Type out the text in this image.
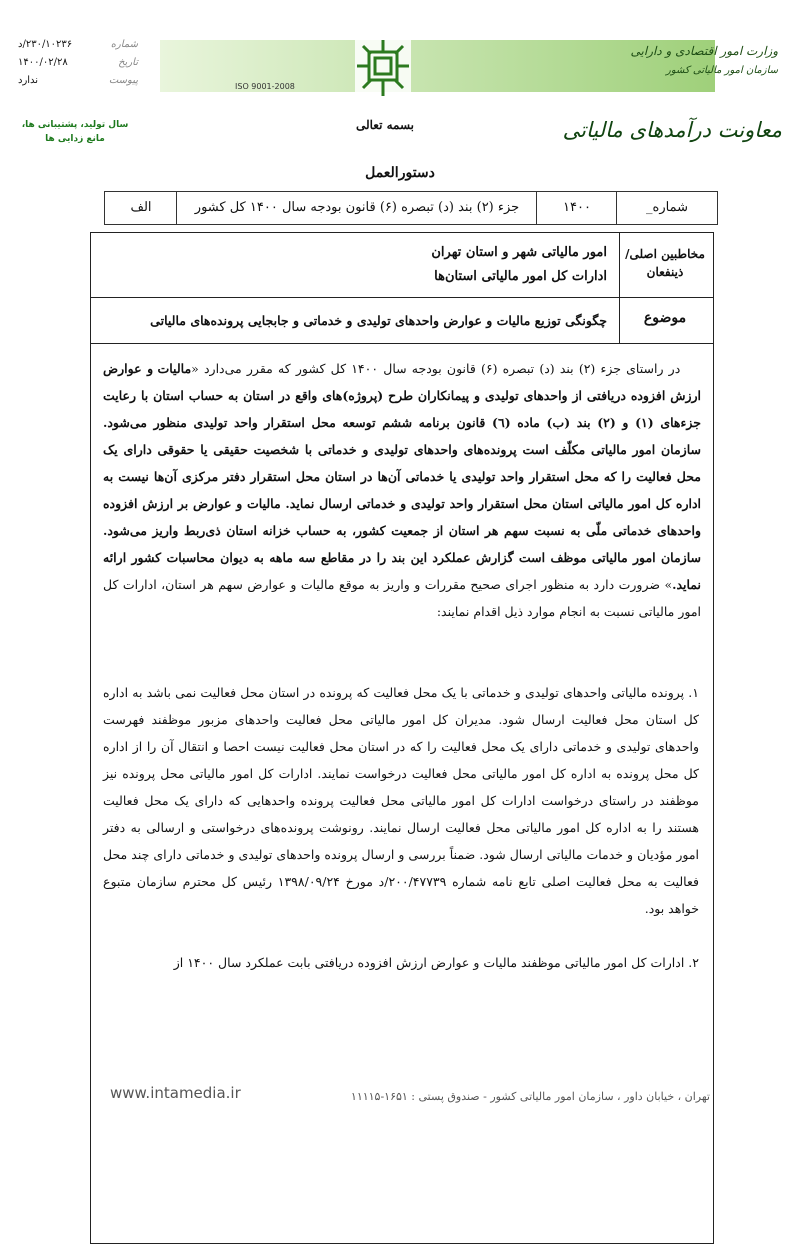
ISO 9001-2008
وزارت امور اقتصادی و دارایی
سازمان امور مالیاتی کشور
معاونت درآمدهای مالیاتی
بسمه تعالی
شماره
۲۳۰/۱۰۲۳۶/د
تاریخ
۱۴۰۰/۰۲/۲۸
پیوست
ندارد
سال تولید، پشتیبانی ها،
مانع زدایی ها
دستورالعمل
شماره_
۱۴۰۰
جزء (۲) بند (د) تبصره (۶) قانون بودجه سال ۱۴۰۰ کل کشور
الف
مخاطبین اصلی/
ذینفعان
امور مالیاتی شهر و استان تهران
ادارات کل امور مالیاتی استان‌ها
موضوع
چگونگی توزیع مالیات و عوارض واحدهای تولیدی و خدماتی و جابجایی پرونده‌های مالیاتی
در راستای جزء (۲) بند (د) تبصره (۶) قانون بودجه سال ۱۴۰۰ کل کشور که مقرر می‌دارد «مالیات و عوارض ارزش افزوده دریافتی از واحدهای تولیدی و پیمانکاران طرح (پروژه)های واقع در استان به حساب استان با رعایت جزءهای (۱) و (۲) بند (ب) ماده (٦) قانون برنامه ششم توسعه محل استقرار واحد تولیدی منظور می‌شود. سازمان امور مالیاتی مکلّف است پرونده‌های واحدهای تولیدی و خدماتی با شخصیت حقیقی یا حقوقی دارای یک محل فعالیت را که محل استقرار واحد تولیدی یا خدماتی آن‌ها در استان محل استقرار دفتر مرکزی آن‌ها نیست به اداره کل امور مالیاتی استان محل استقرار واحد تولیدی و خدماتی ارسال نماید. مالیات و عوارض بر ارزش افزوده واحدهای خدماتی ملّی به نسبت سهم هر استان از جمعیت کشور، به حساب خزانه استان ذی‌ربط واریز می‌شود. سازمان امور مالیاتی موظف است گزارش عملکرد این بند را در مقاطع سه ماهه به دیوان محاسبات کشور ارائه نماید.» ضرورت دارد به منظور اجرای صحیح مقررات و واریز به موقع مالیات و عوارض سهم هر استان، ادارات کل امور مالیاتی نسبت به انجام موارد ذیل اقدام نمایند:
۱. پرونده مالیاتی واحدهای تولیدی و خدماتی با یک محل فعالیت که پرونده در استان محل فعالیت نمی باشد به اداره کل استان محل فعالیت ارسال شود. مدیران کل امور مالیاتی محل فعالیت واحدهای مزبور موظفند فهرست واحدهای تولیدی و خدماتی دارای یک محل فعالیت را که در استان محل فعالیت نیست احصا و انتقال آن را از اداره کل محل پرونده به اداره کل امور مالیاتی محل فعالیت درخواست نمایند. ادارات کل امور مالیاتی محل پرونده نیز موظفند در راستای درخواست ادارات کل امور مالیاتی محل فعالیت پرونده واحدهایی که دارای یک محل فعالیت هستند را به اداره کل امور مالیاتی محل فعالیت ارسال نمایند. رونوشت پرونده‌های درخواستی و ارسالی به دفتر امور مؤدیان و خدمات مالیاتی ارسال شود. ضمناً بررسی و ارسال پرونده واحدهای تولیدی و خدماتی دارای چند محل فعالیت به محل فعالیت اصلی تابع نامه شماره ۲۰۰/۴۷۷۳۹/د مورخ ۱۳۹۸/۰۹/۲۴ رئیس کل محترم سازمان متبوع خواهد بود.
۲. ادارات کل امور مالیاتی موظفند مالیات و عوارض ارزش افزوده دریافتی بابت عملکرد سال ۱۴۰۰ از
تهران ، خیابان داور ، سازمان امور مالیاتی کشور - صندوق پستی : ۱۶۵۱-۱۱۱۱۵
www.intamedia.ir
